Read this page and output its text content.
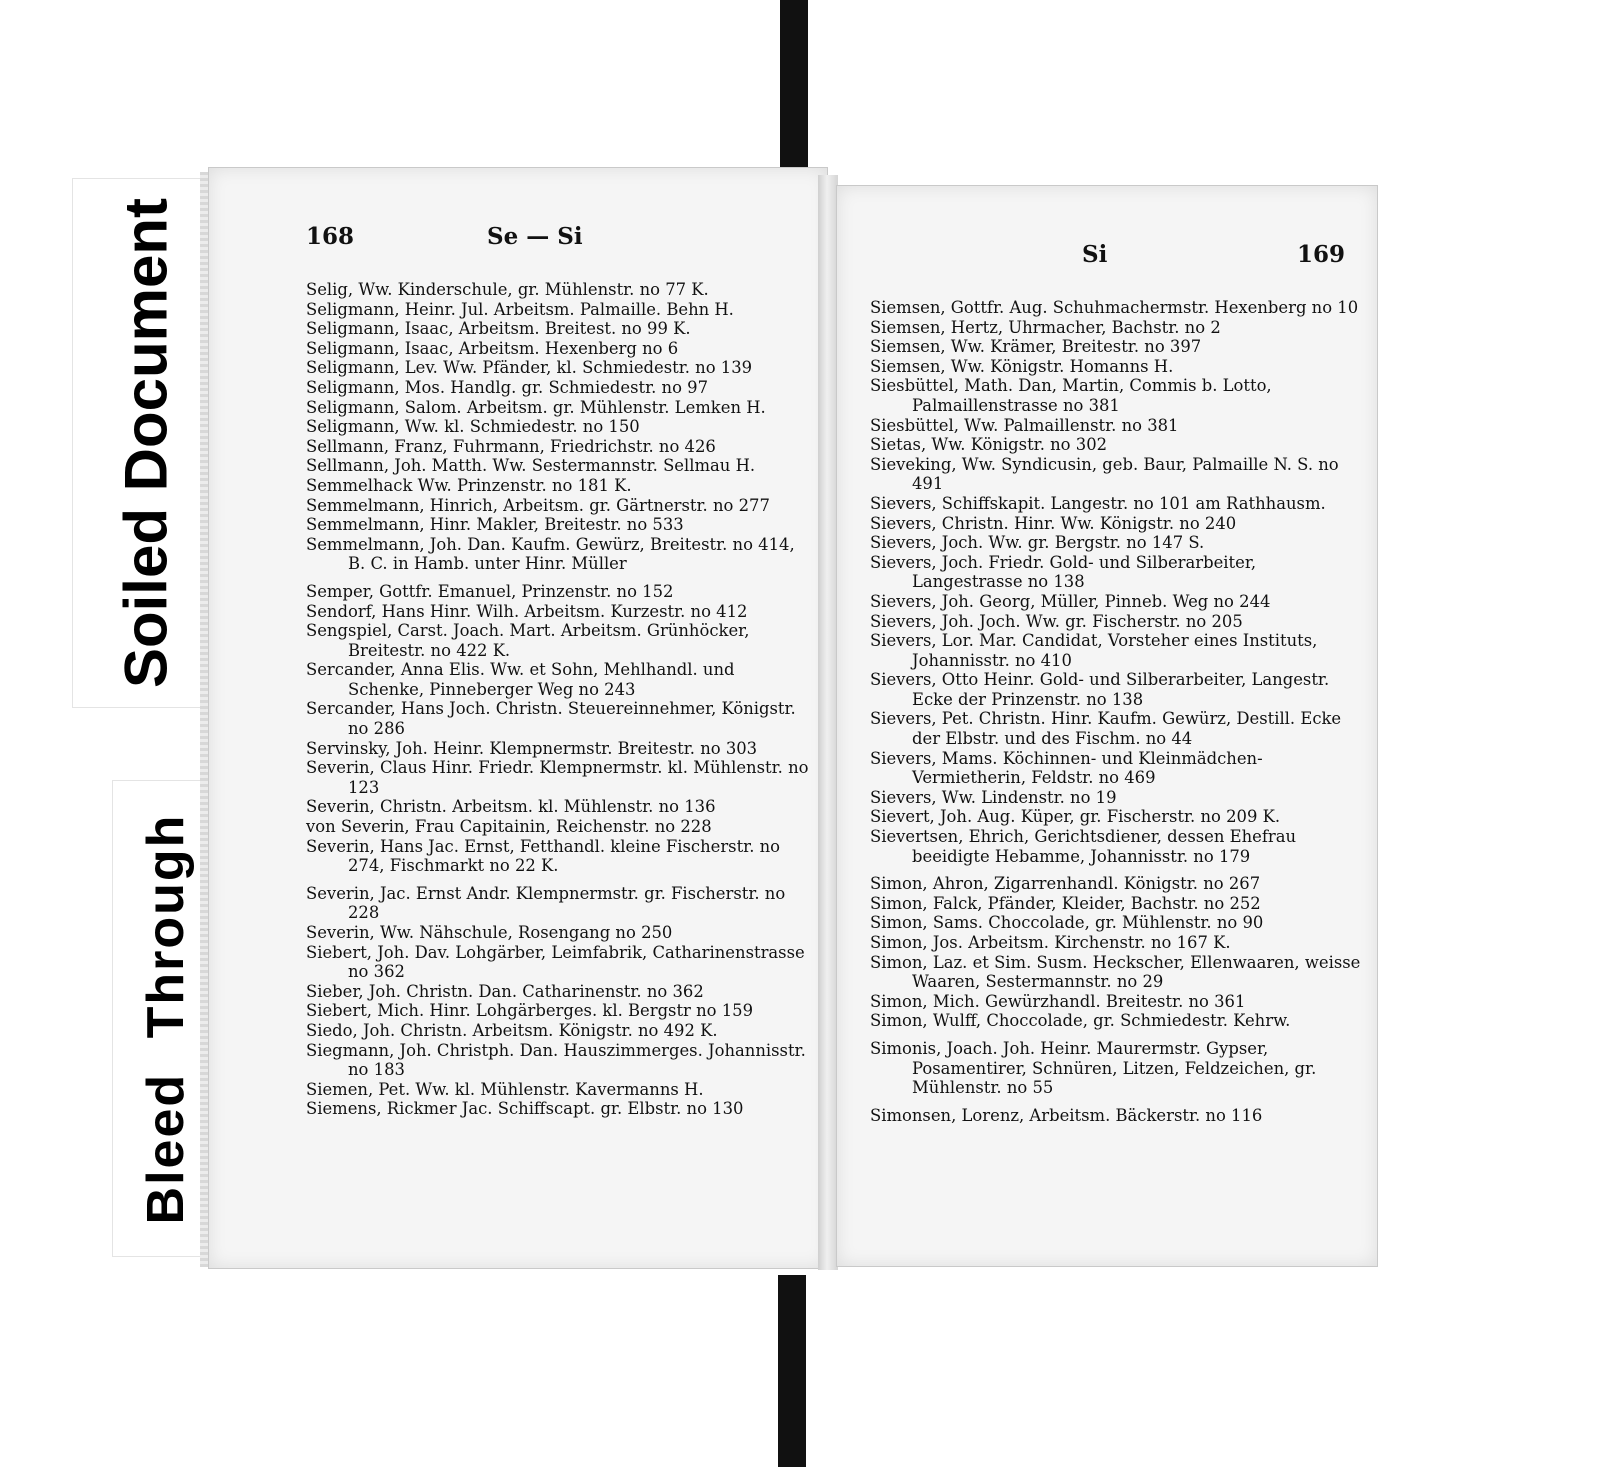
Soiled Document
Bleed Through
168	Se — Si

Selig, Ww. Kinderschule, gr. Mühlenstr. no 77 K.

Seligmann, Heinr. Jul. Arbeitsm. Palmaille. Behn H.

Seligmann, Isaac, Arbeitsm. Breitest. no 99 K.

Seligmann, Isaac, Arbeitsm. Hexenberg no 6

Seligmann, Lev. Ww. Pfänder, kl. Schmiedestr. no 139

Seligmann, Mos. Handlg. gr. Schmiedestr. no 97

Seligmann, Salom. Arbeitsm. gr. Mühlenstr. Lemken H.

Seligmann, Ww. kl. Schmiedestr. no 150

Sellmann, Franz, Fuhrmann, Friedrichstr. no 426

Sellmann, Joh. Matth. Ww. Sestermannstr. Sellmau H.

Semmelhack Ww. Prinzenstr. no 181 K.

Semmelmann, Hinrich, Arbeitsm. gr. Gärtnerstr. no 277

Semmelmann, Hinr. Makler, Breitestr. no 533

Semmelmann, Joh. Dan. Kaufm. Gewürz, Breitestr. no 414, B. C. in Hamb. unter Hinr. Müller

Semper, Gottfr. Emanuel, Prinzenstr. no 152

Sendorf, Hans Hinr. Wilh. Arbeitsm. Kurzestr. no 412

Sengspiel, Carst. Joach. Mart. Arbeitsm. Grünhöcker, Breitestr. no 422 K.

Sercander, Anna Elis. Ww. et Sohn, Mehlhandl. und Schenke, Pinneberger Weg no 243

Sercander, Hans Joch. Christn. Steuereinnehmer, Königstr. no 286

Servinsky, Joh. Heinr. Klempnermstr. Breitestr. no 303

Severin, Claus Hinr. Friedr. Klempnermstr. kl. Mühlenstr. no 123

Severin, Christn. Arbeitsm. kl. Mühlenstr. no 136

von Severin, Frau Capitainin, Reichenstr. no 228

Severin, Hans Jac. Ernst, Fetthandl. kleine Fischerstr. no 274, Fischmarkt no 22 K.

Severin, Jac. Ernst Andr. Klempnermstr. gr. Fischerstr. no 228

Severin, Ww. Nähschule, Rosengang no 250

Siebert, Joh. Dav. Lohgärber, Leimfabrik, Catharinenstrasse no 362

Sieber, Joh. Christn. Dan. Catharinenstr. no 362

Siebert, Mich. Hinr. Lohgärberges. kl. Bergstr no 159

Siedo, Joh. Christn. Arbeitsm. Königstr. no 492 K.

Siegmann, Joh. Christph. Dan. Hauszimmerges. Johannisstr. no 183

Siemen, Pet. Ww. kl. Mühlenstr. Kavermanns H.

Siemens, Rickmer Jac. Schiffscapt. gr. Elbstr. no 130

Si	169

Siemsen, Gottfr. Aug. Schuhmachermstr. Hexenberg no 10

Siemsen, Hertz, Uhrmacher, Bachstr. no 2

Siemsen, Ww. Krämer, Breitestr. no 397

Siemsen, Ww. Königstr. Homanns H.

Siesbüttel, Math. Dan, Martin, Commis b. Lotto, Palmaillenstrasse no 381

Siesbüttel, Ww. Palmaillenstr. no 381

Sietas, Ww. Königstr. no 302

Sieveking, Ww. Syndicusin, geb. Baur, Palmaille N. S. no 491

Sievers, Schiffskapit. Langestr. no 101 am Rathhausm.

Sievers, Christn. Hinr. Ww. Königstr. no 240

Sievers, Joch. Ww. gr. Bergstr. no 147 S.

Sievers, Joch. Friedr. Gold- und Silberarbeiter, Langestrasse no 138

Sievers, Joh. Georg, Müller, Pinneb. Weg no 244

Sievers, Joh. Joch. Ww. gr. Fischerstr. no 205

Sievers, Lor. Mar. Candidat, Vorsteher eines Instituts, Johannisstr. no 410

Sievers, Otto Heinr. Gold- und Silberarbeiter, Langestr. Ecke der Prinzenstr. no 138

Sievers, Pet. Christn. Hinr. Kaufm. Gewürz, Destill. Ecke der Elbstr. und des Fischm. no 44

Sievers, Mams. Köchinnen- und Kleinmädchen-Vermietherin, Feldstr. no 469

Sievers, Ww. Lindenstr. no 19

Sievert, Joh. Aug. Küper, gr. Fischerstr. no 209 K.

Sievertsen, Ehrich, Gerichtsdiener, dessen Ehefrau beeidigte Hebamme, Johannisstr. no 179

Simon, Ahron, Zigarrenhandl. Königstr. no 267

Simon, Falck, Pfänder, Kleider, Bachstr. no 252

Simon, Sams. Choccolade, gr. Mühlenstr. no 90

Simon, Jos. Arbeitsm. Kirchenstr. no 167 K.

Simon, Laz. et Sim. Susm. Heckscher, Ellenwaaren, weisse Waaren, Sestermannstr. no 29

Simon, Mich. Gewürzhandl. Breitestr. no 361

Simon, Wulff, Choccolade, gr. Schmiedestr. Kehrw.

Simonis, Joach. Joh. Heinr. Maurermstr. Gypser, Posamentirer, Schnüren, Litzen, Feldzeichen, gr. Mühlenstr. no 55

Simonsen, Lorenz, Arbeitsm. Bäckerstr. no 116
